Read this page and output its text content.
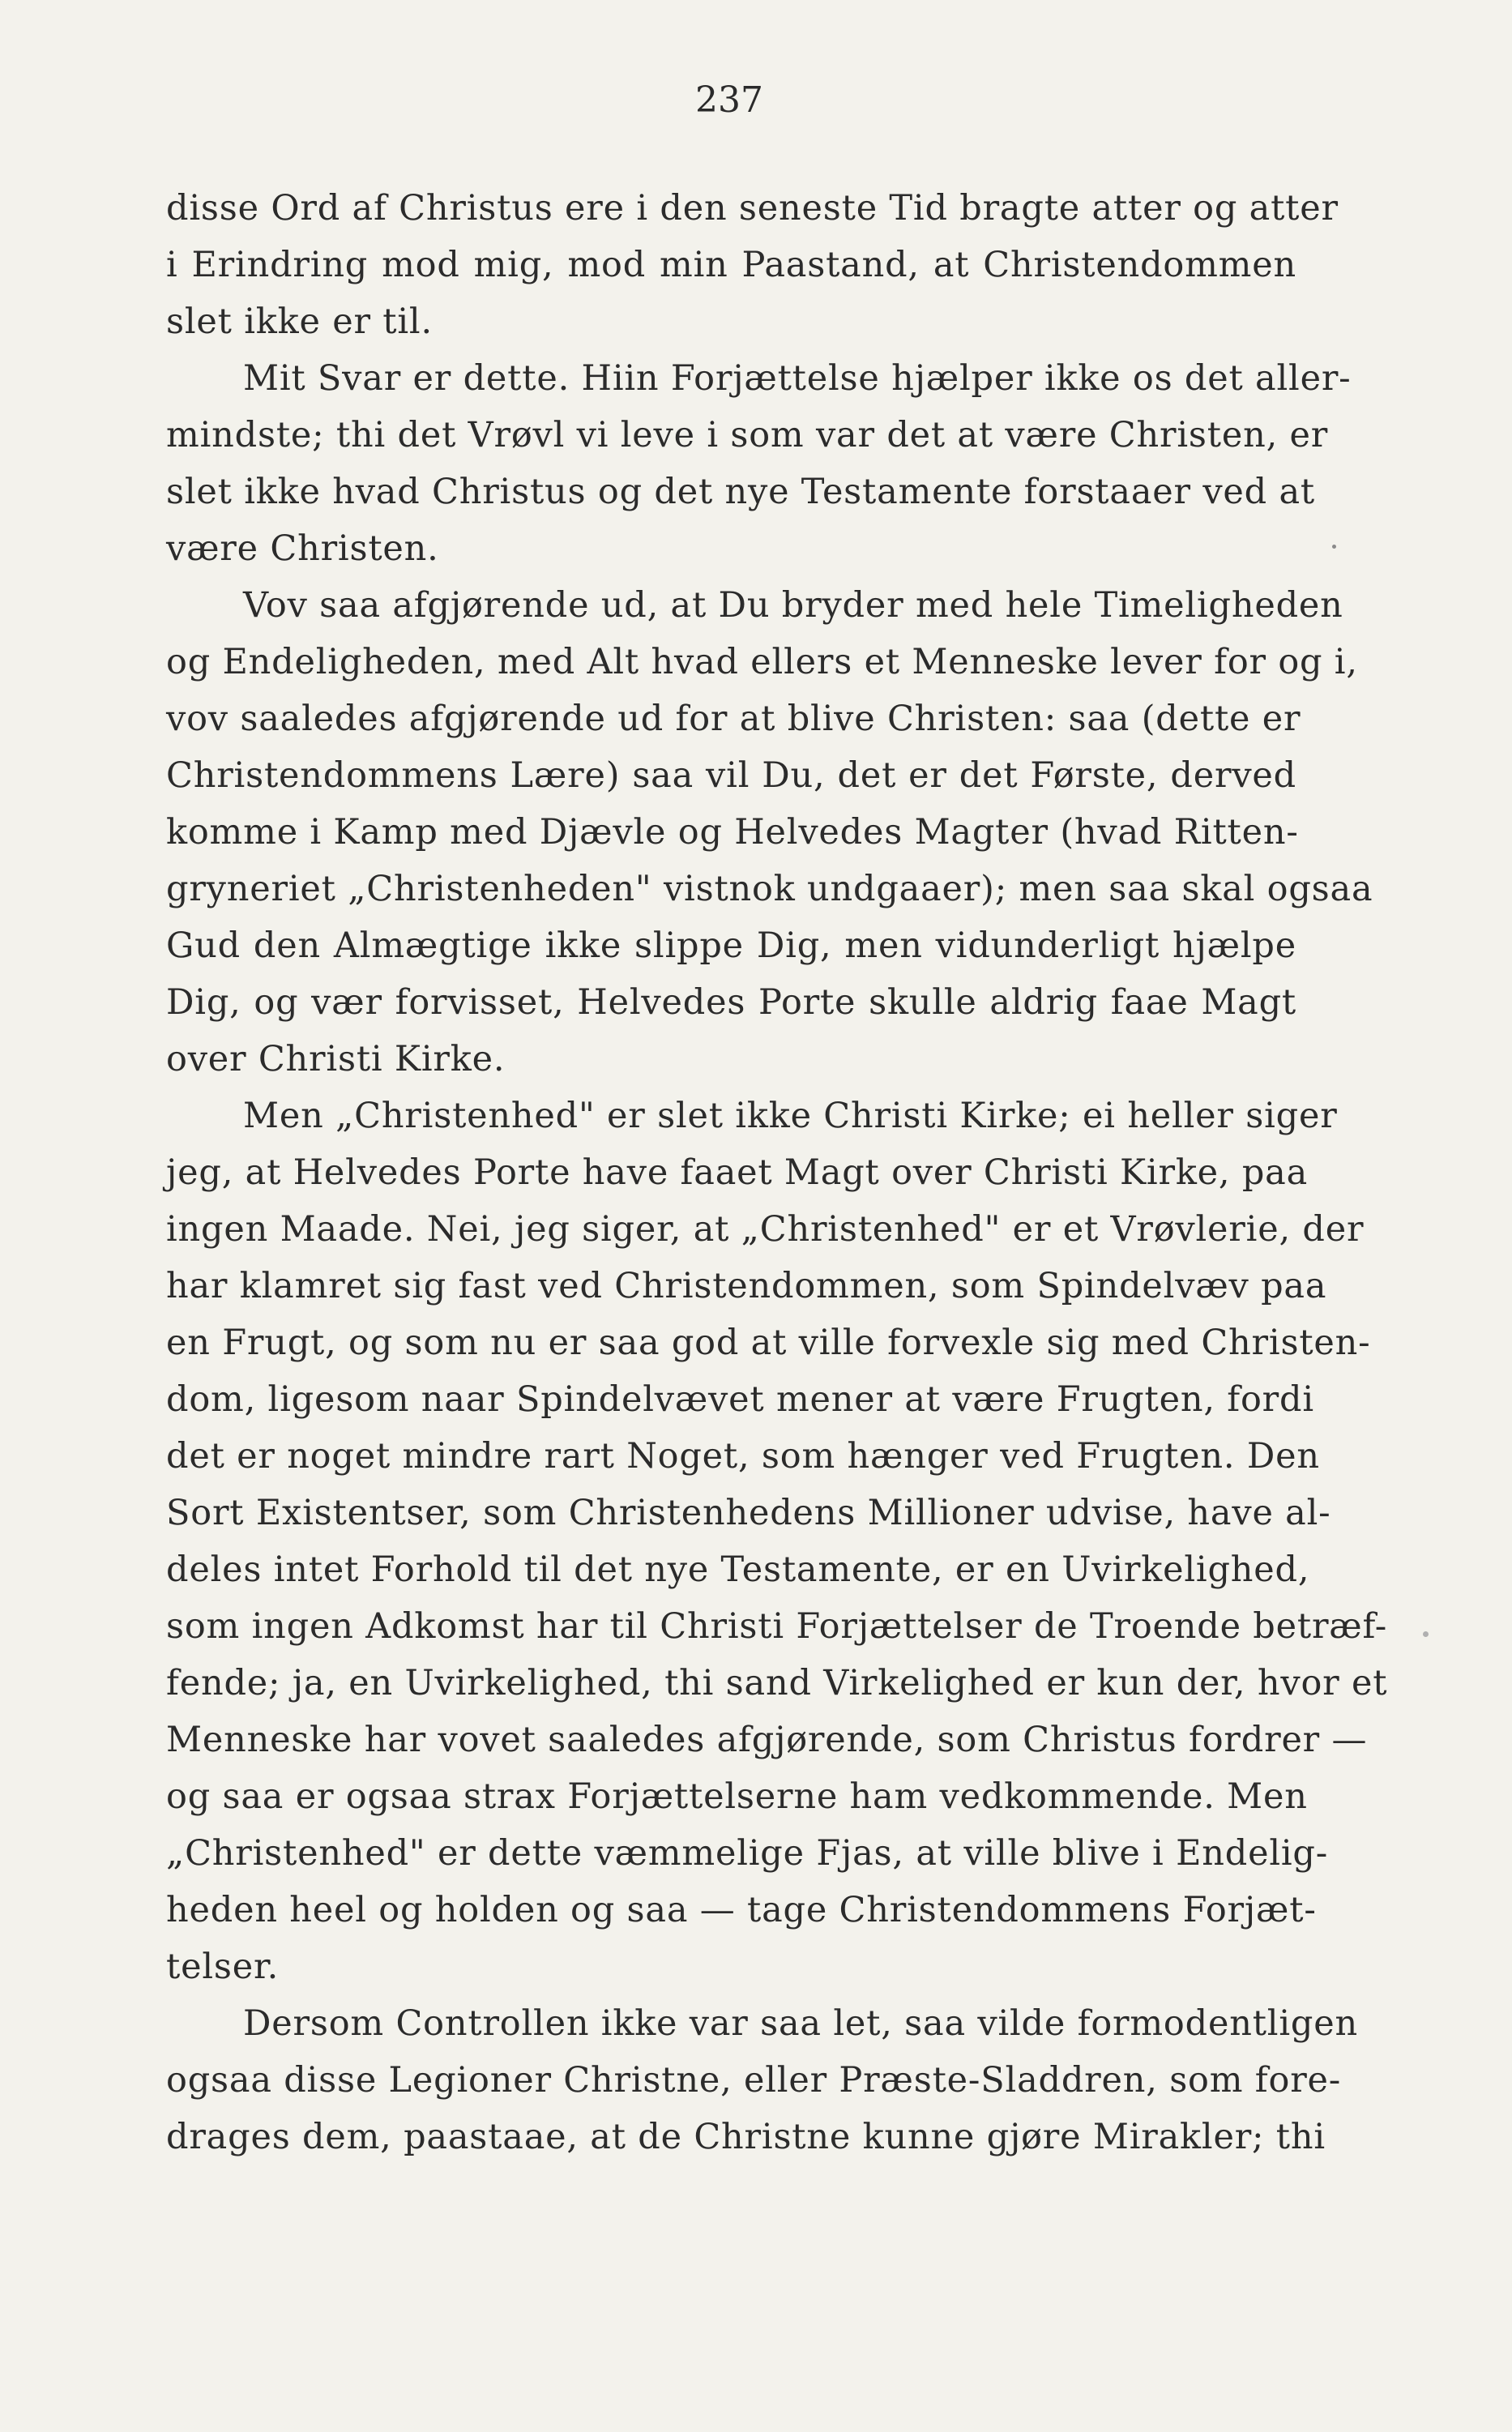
237
disse Ord af Christus ere i den seneste Tid bragte atter og atter
i Erindring mod mig, mod min Paastand, at Christendommen
slet ikke er til.
Mit Svar er dette. Hiin Forjættelse hjælper ikke os det aller-
mindste; thi det Vrøvl vi leve i som var det at være Christen, er
slet ikke hvad Christus og det nye Testamente forstaaer ved at
være Christen.
Vov saa afgjørende ud, at Du bryder med hele Timeligheden
og Endeligheden, med Alt hvad ellers et Menneske lever for og i,
vov saaledes afgjørende ud for at blive Christen: saa (dette er
Christendommens Lære) saa vil Du, det er det Første, derved
komme i Kamp med Djævle og Helvedes Magter (hvad Ritten-
gryneriet „Christenheden" vistnok undgaaer); men saa skal ogsaa
Gud den Almægtige ikke slippe Dig, men vidunderligt hjælpe
Dig, og vær forvisset, Helvedes Porte skulle aldrig faae Magt
over Christi Kirke.
Men „Christenhed" er slet ikke Christi Kirke; ei heller siger
jeg, at Helvedes Porte have faaet Magt over Christi Kirke, paa
ingen Maade. Nei, jeg siger, at „Christenhed" er et Vrøvlerie, der
har klamret sig fast ved Christendommen, som Spindelvæv paa
en Frugt, og som nu er saa god at ville forvexle sig med Christen-
dom, ligesom naar Spindelvævet mener at være Frugten, fordi
det er noget mindre rart Noget, som hænger ved Frugten. Den
Sort Existentser, som Christenhedens Millioner udvise, have al-
deles intet Forhold til det nye Testamente, er en Uvirkelighed,
som ingen Adkomst har til Christi Forjættelser de Troende betræf-
fende; ja, en Uvirkelighed, thi sand Virkelighed er kun der, hvor et
Menneske har vovet saaledes afgjørende, som Christus fordrer —
og saa er ogsaa strax Forjættelserne ham vedkommende. Men
„Christenhed" er dette væmmelige Fjas, at ville blive i Endelig-
heden heel og holden og saa — tage Christendommens Forjæt-
telser.
Dersom Controllen ikke var saa let, saa vilde formodentligen
ogsaa disse Legioner Christne, eller Præste-Sladdren, som fore-
drages dem, paastaae, at de Christne kunne gjøre Mirakler; thi
